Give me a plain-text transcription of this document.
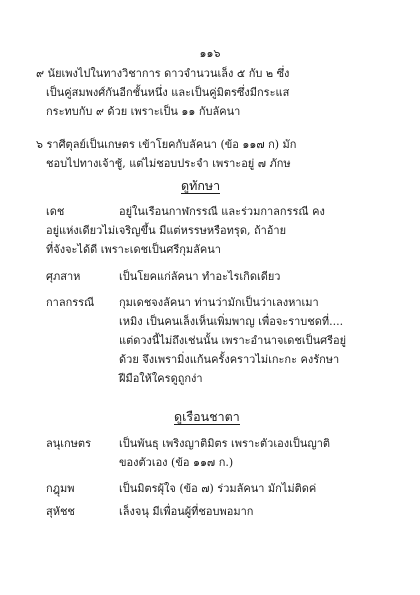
๑๑๖
๙ นัยเพงไปในทางวิชาการ ดาวจำนวนเล็ง ๕ กับ ๒ ซึ่ง
เป็นคู่สมพงศ์กันอีกชั้นหนึ่ง และเป็นคู่มิตรซึ่งมีกระแส
กระทบกับ ๙ ด้วย เพราะเป็น ๑๑ กับลัคนา
๖ ราศีตุลย์เป็นเกษตร เข้าโยคกับลัคนา (ข้อ ๑๑๗ ก) มัก
ชอบไปทางเจ้าชู้, แต่ไม่ชอบประจำ เพราะอยู่ ๗ ภักษ
ดูทักษา
เดช	อยู่ในเรือนกาฬกรรณี และร่วมกาลกรรณี คง
อยู่แห่งเดียวไม่เจริญขึ้น มีแต่หรรษหรือทรุด, ถ้าอ้าย
ที่จังจะได้ดี เพราะเดชเป็นศรีกุมลัคนา
ศุภสาห	เป็นโยคแก่ลัคนา ทำอะไรเกิดเดียว
กาลกรรณี กุมเดชจงลัคนา ท่านว่ามักเป็นว่าเลงหาเมา
เหมิง เป็นคนเล็งเห็นเพิ่มพาญ เพื่อจะราบชดที่....
แต่ดวงนี้ไม่ถึงเช่นนั้น เพราะอำนาจเดชเป็นศรีอยู่
ด้วย จึงเพรามิ่งแก้นครั้งคราวไม่เกะกะ คงรักษา
ฝีมือให้ใครดูถูกง่า
ดูเรือนชาตา
ลนุเกษตร	เป็นพันธุ เพริงญาติมิตร เพราะตัวเองเป็นญาติ
ของตัวเอง (ข้อ ๑๑๗ ก.)
กฎุมพ	เป็นมิตรผุ้ใจ (ข้อ ๗) ร่วมลัคนา มักไม่ติดค่
สุหัชช	เล็งจนุ มีเพื่อนผู้ที่ชอบพอมาก
